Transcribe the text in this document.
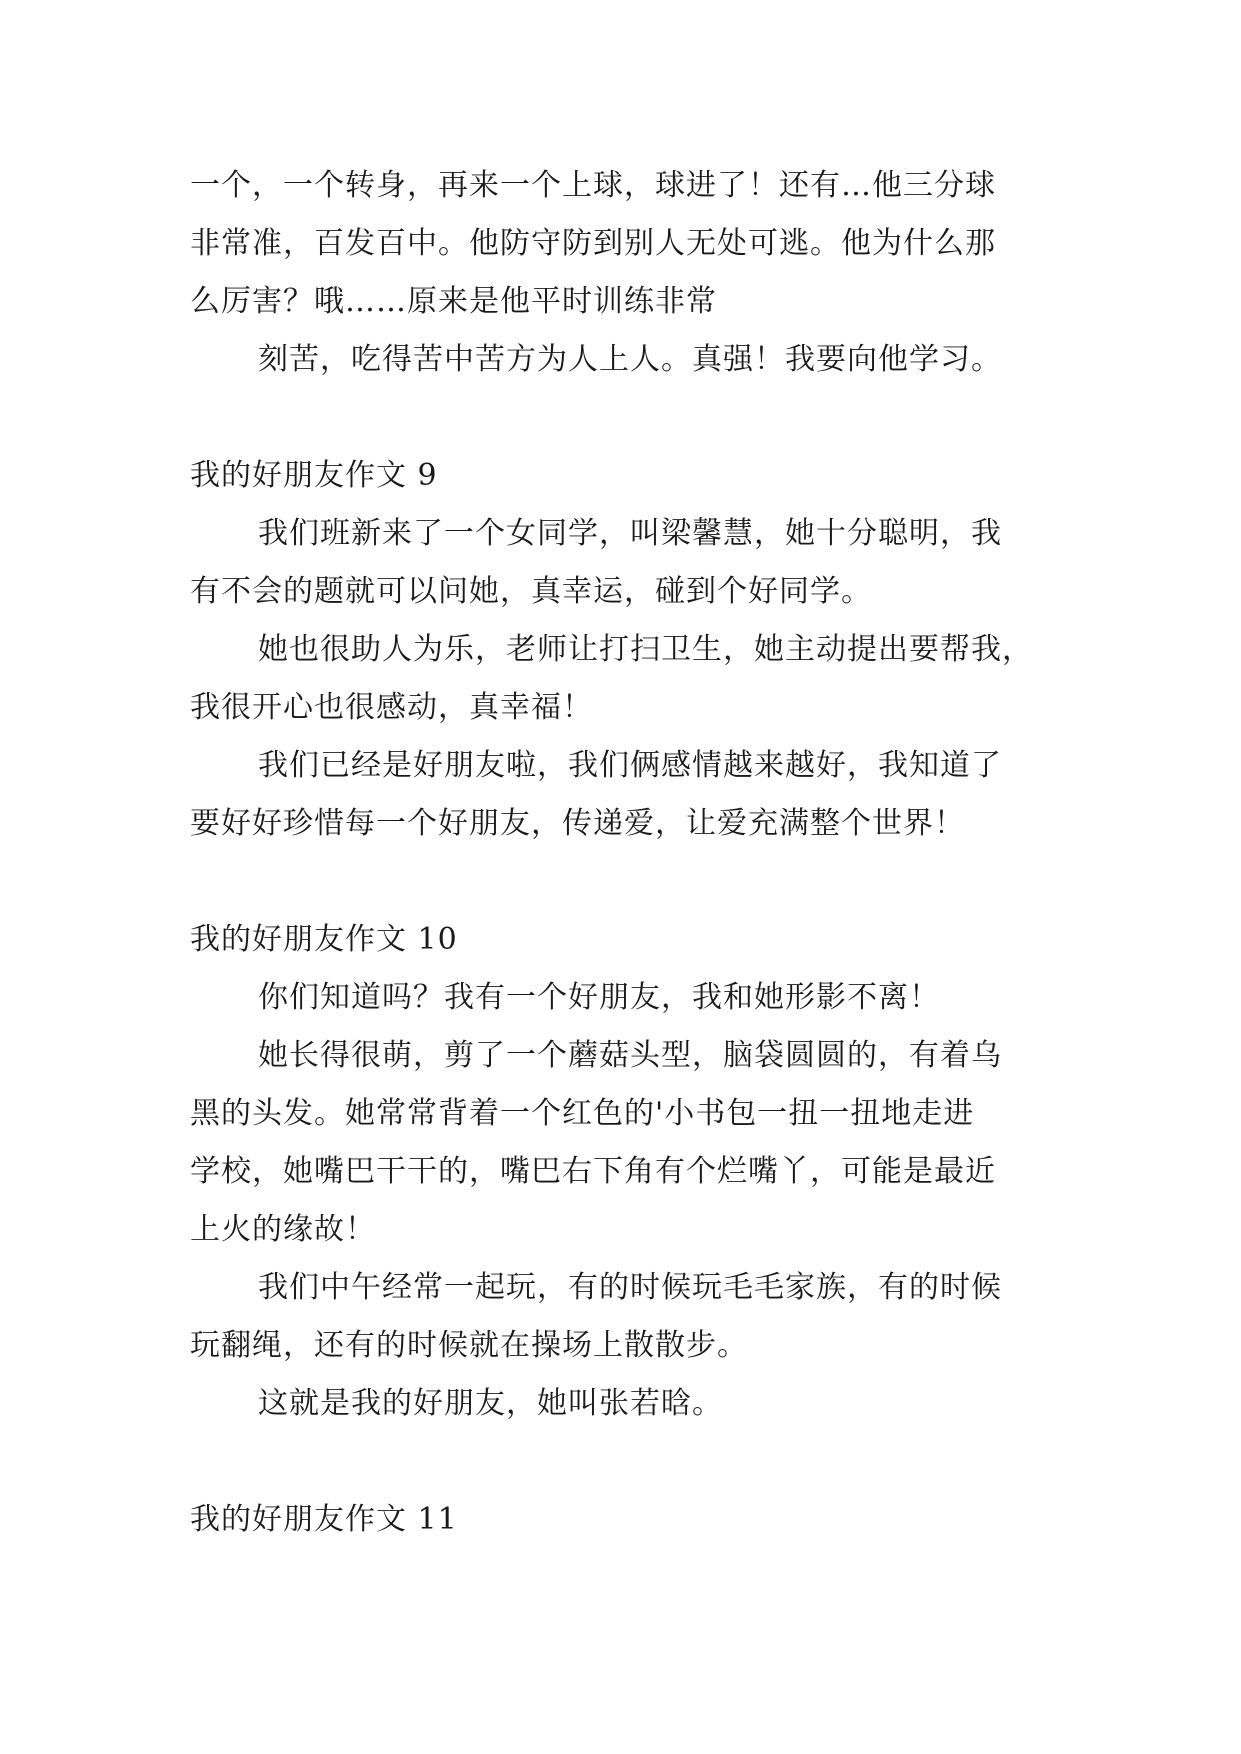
一个，一个转身，再来一个上球，球进了！还有…他三分球
非常准，百发百中。他防守防到别人无处可逃。他为什么那
么厉害？哦……原来是他平时训练非常
刻苦，吃得苦中苦方为人上人。真强！我要向他学习。
我的好朋友作文 9
我们班新来了一个女同学，叫梁馨慧，她十分聪明，我
有不会的题就可以问她，真幸运，碰到个好同学。
她也很助人为乐，老师让打扫卫生，她主动提出要帮我，
我很开心也很感动，真幸福！
我们已经是好朋友啦，我们俩感情越来越好，我知道了
要好好珍惜每一个好朋友，传递爱，让爱充满整个世界！
我的好朋友作文 10
你们知道吗？我有一个好朋友，我和她形影不离！
她长得很萌，剪了一个蘑菇头型，脑袋圆圆的，有着乌
黑的头发。她常常背着一个红色的'小书包一扭一扭地走进
学校，她嘴巴干干的，嘴巴右下角有个烂嘴丫，可能是最近
上火的缘故！
我们中午经常一起玩，有的时候玩毛毛家族，有的时候
玩翻绳，还有的时候就在操场上散散步。
这就是我的好朋友，她叫张若晗。
我的好朋友作文 11
